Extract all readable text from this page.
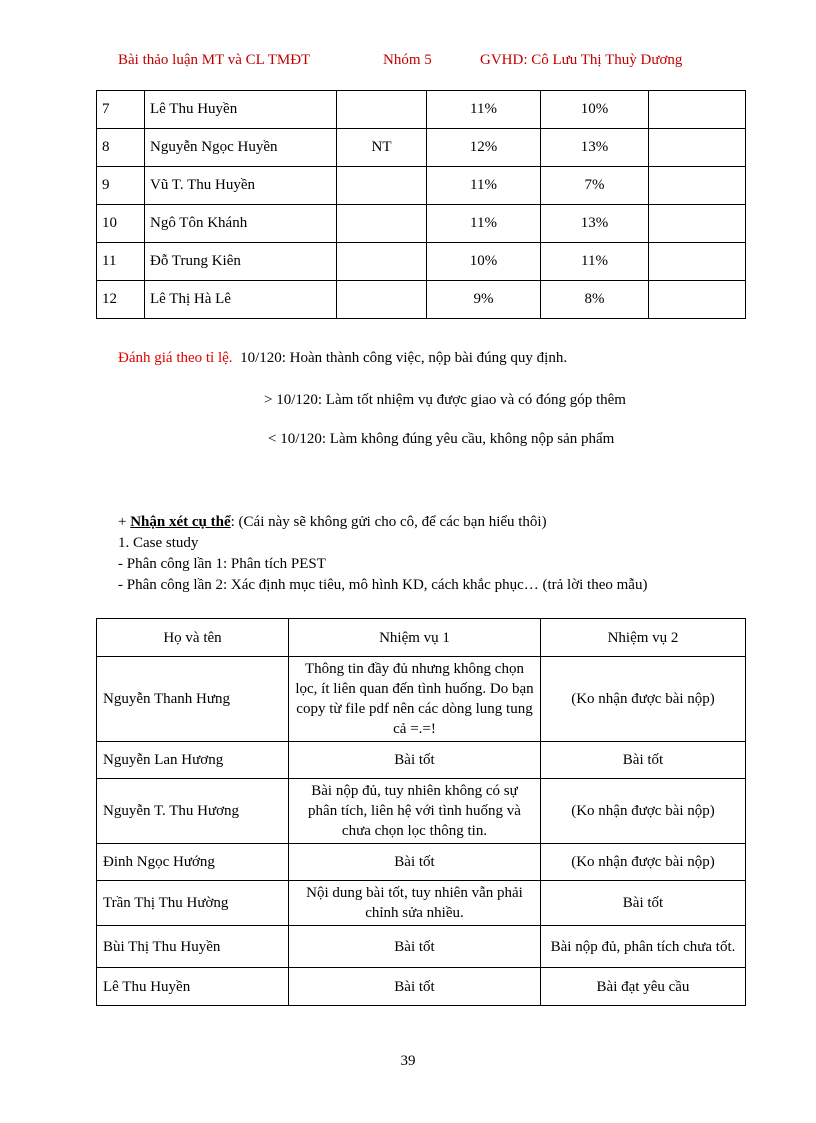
Bài thảo luận MT và CL TMĐT	Nhóm 5	GVHD: Cô Lưu Thị Thuỳ Dương
7	Lê Thu Huyền		11%	10%	
8	Nguyễn Ngọc Huyền	NT	12%	13%	
9	Vũ T. Thu Huyền		11%	7%	
10	Ngô Tôn Khánh		11%	13%	
11	Đỗ Trung Kiên		10%	11%	
12	Lê Thị Hà Lê		9%	8%	
Đánh giá theo tỉ lệ. 10/120: Hoàn thành công việc, nộp bài đúng quy định.
> 10/120: Làm tốt nhiệm vụ được giao và có đóng góp thêm
< 10/120: Làm không đúng yêu cầu, không nộp sản phẩm

+ Nhận xét cụ thể: (Cái này sẽ không gửi cho cô, để các bạn hiểu thôi)

1. Case study

- Phân công lần 1: Phân tích PEST

- Phân công lần 2: Xác định mục tiêu, mô hình KD, cách khắc phục… (trả lời theo mẫu)

Họ và tên	Nhiệm vụ 1	Nhiệm vụ 2
Nguyễn Thanh Hưng	Thông tin đầy đủ nhưng không chọn lọc, ít liên quan đến tình huống. Do bạn copy từ file pdf nên các dòng lung tung cả =.=!	(Ko nhận được bài nộp)
Nguyễn Lan Hương	Bài tốt	Bài tốt
Nguyễn T. Thu Hương	Bài nộp đủ, tuy nhiên không có sự phân tích, liên hệ với tình huống và chưa chọn lọc thông tin.	(Ko nhận được bài nộp)
Đinh Ngọc Hướng	Bài tốt	(Ko nhận được bài nộp)
Trần Thị Thu Hường	Nội dung bài tốt, tuy nhiên vẫn phải chỉnh sửa nhiều.	Bài tốt
Bùi Thị Thu Huyền	Bài tốt	Bài nộp đủ, phân tích chưa tốt.
Lê Thu Huyền	Bài tốt	Bài đạt yêu cầu
39
